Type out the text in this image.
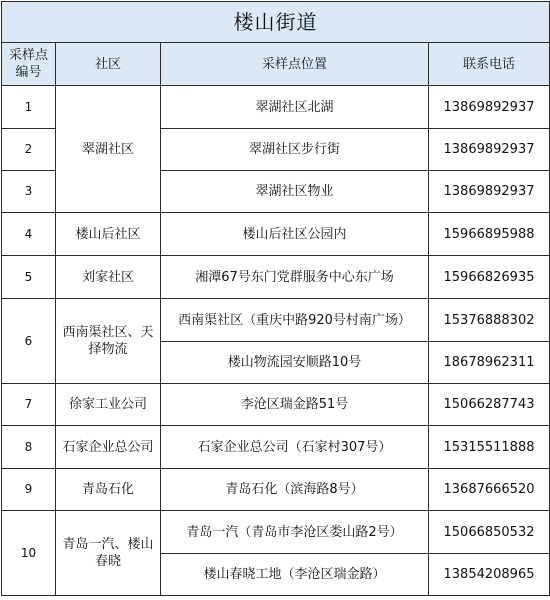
楼山街道			
采样点编号	社区	采样点位置	联系电话
1	翠湖社区	翠湖社区北湖	13869892937
2		翠湖社区步行街	13869892937
3		翠湖社区物业	13869892937
4	楼山后社区	楼山后社区公园内	15966895988
5	刘家社区	湘潭67号东门党群服务中心东广场	15966826935
6	西南渠社区、天择物流	西南渠社区（重庆中路920号村南广场）	15376888302
		楼山物流园安顺路10号	18678962311
7	徐家工业公司	李沧区瑞金路51号	15066287743
8	石家企业总公司	石家企业总公司（石家村307号）	15315511888
9	青岛石化	青岛石化（滨海路8号）	13687666520
10	青岛一汽、楼山春晓	青岛一汽（青岛市李沧区娄山路2号）	15066850532
		楼山春晓工地（李沧区瑞金路）	13854208965
